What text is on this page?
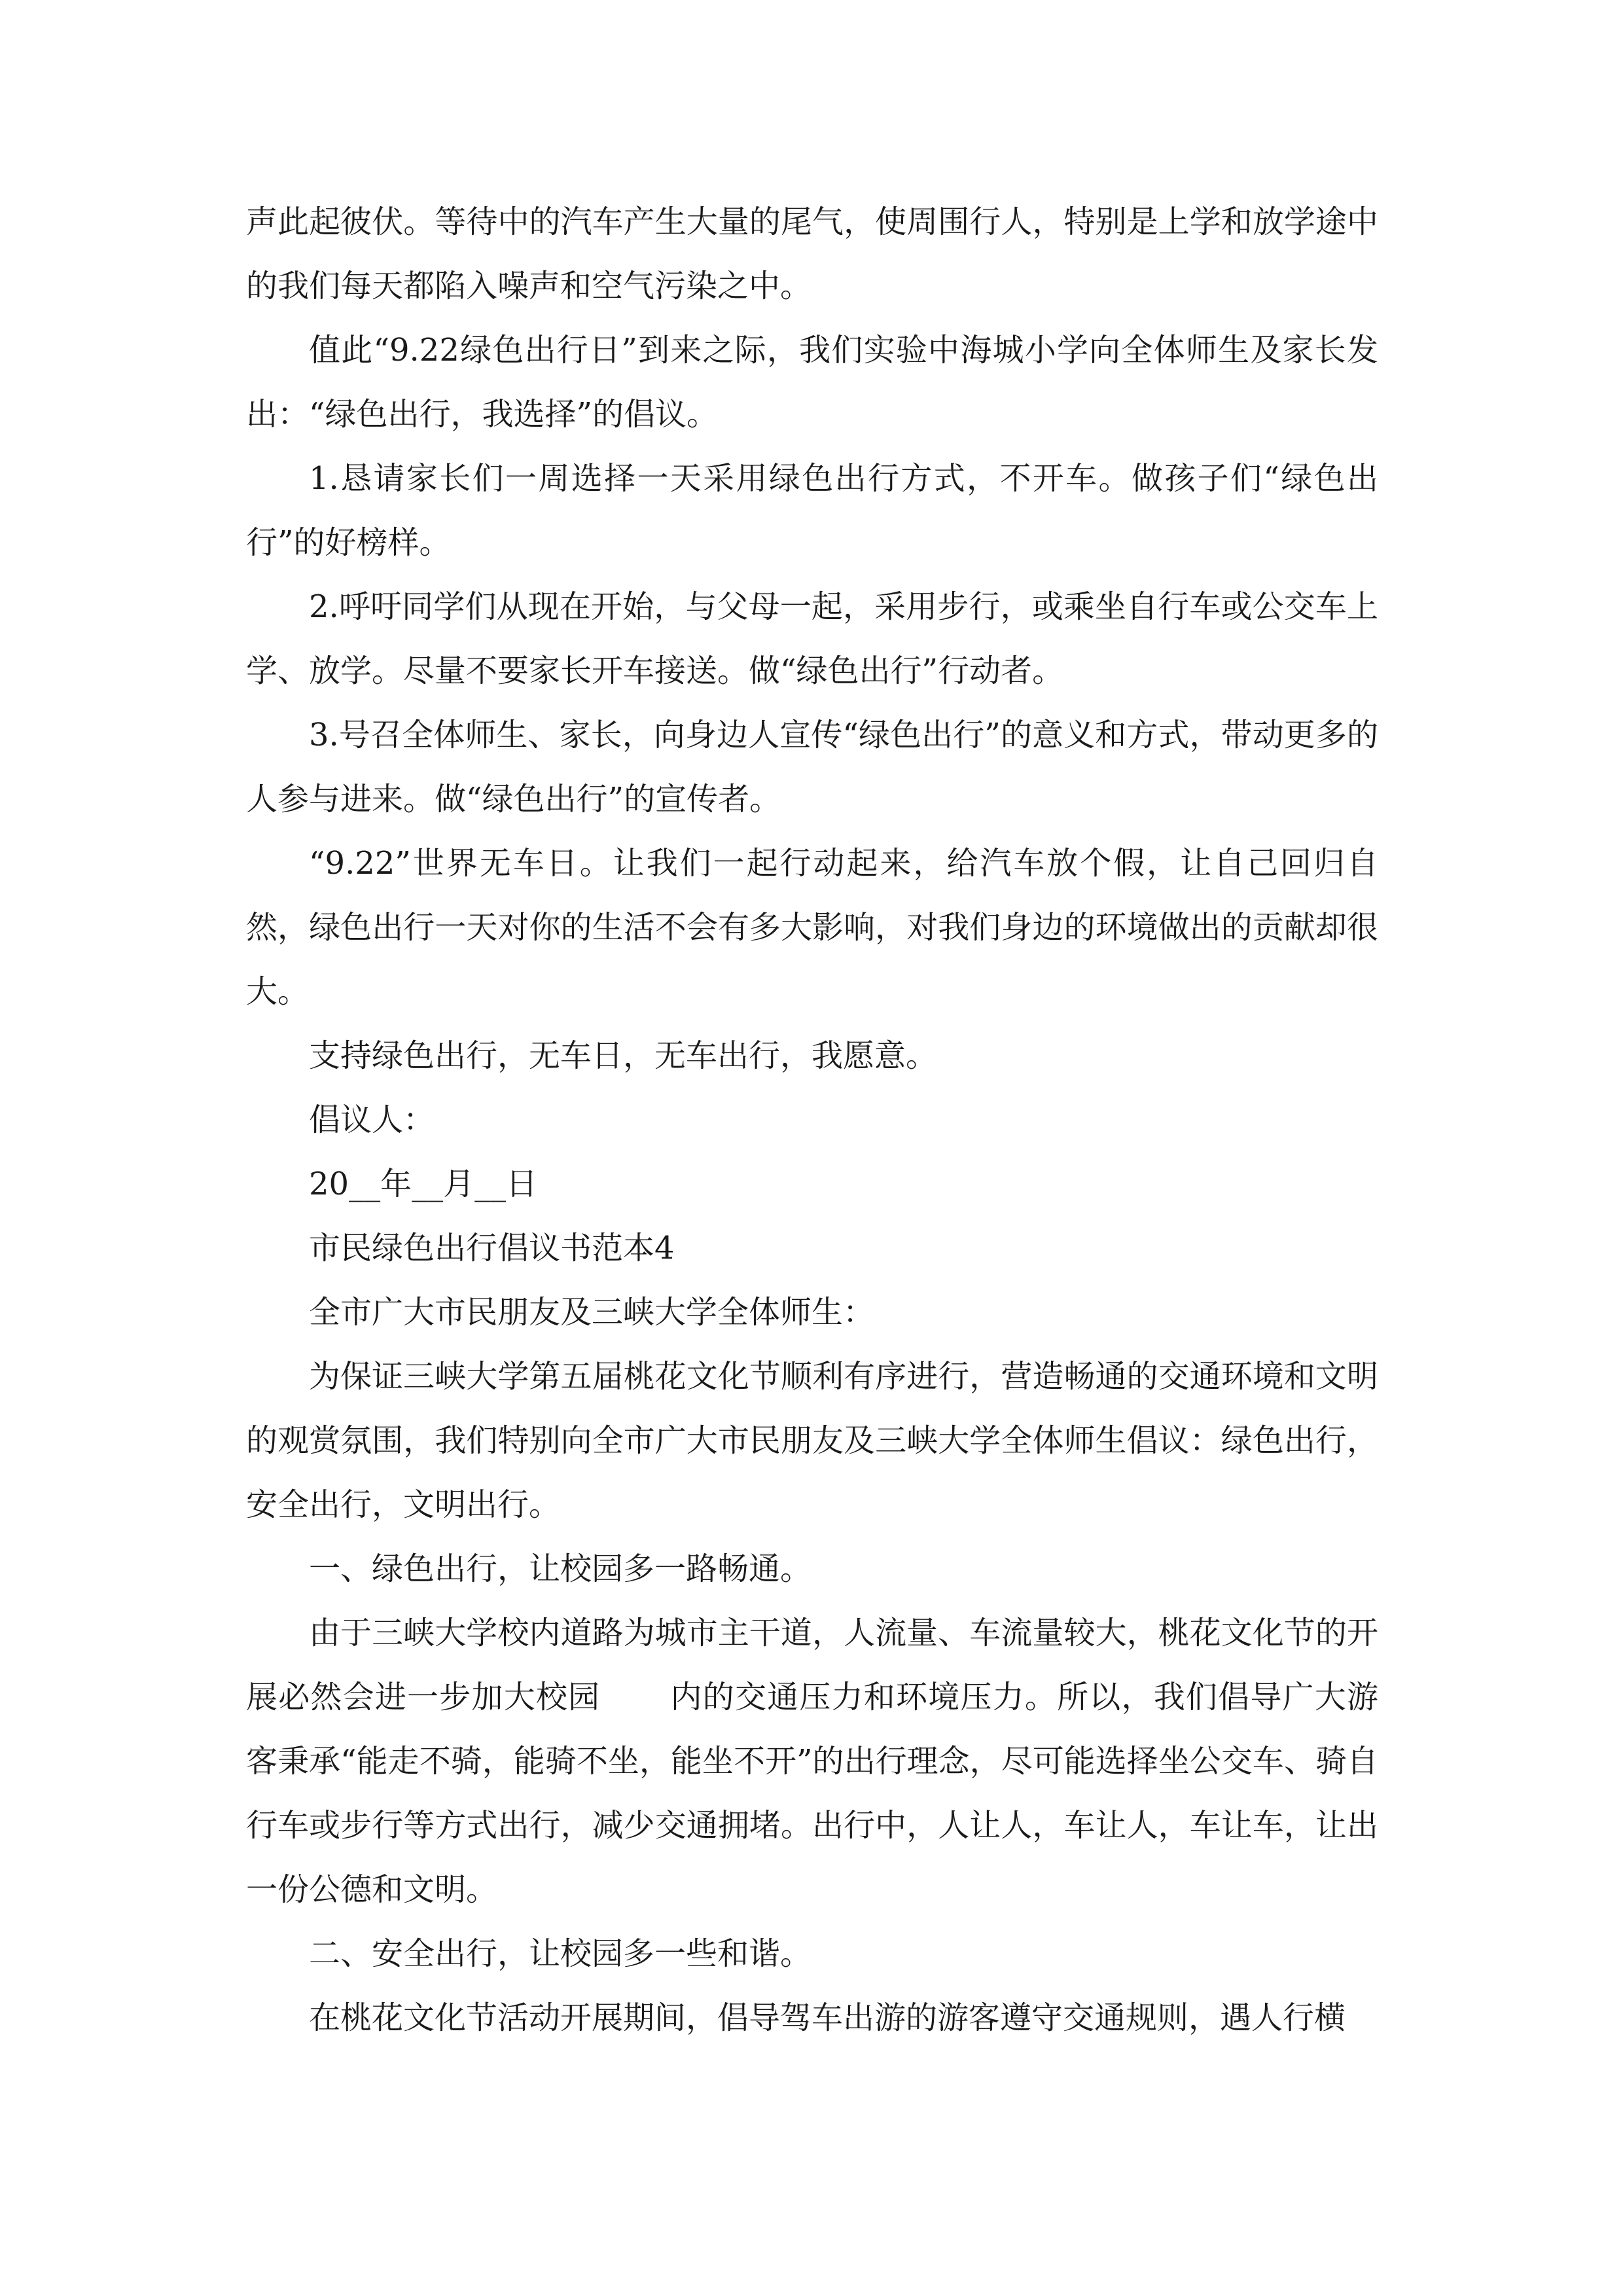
声此起彼伏。等待中的汽车产生大量的尾气，使周围行人，特别是上学和放学途中的我们每天都陷入噪声和空气污染之中。

值此“9.22绿色出行日”到来之际，我们实验中海城小学向全体师生及家长发出：“绿色出行，我选择”的倡议。

1.恳请家长们一周选择一天采用绿色出行方式，不开车。做孩子们“绿色出行”的好榜样。

2.呼吁同学们从现在开始，与父母一起，采用步行，或乘坐自行车或公交车上学、放学。尽量不要家长开车接送。做“绿色出行”行动者。

3.号召全体师生、家长，向身边人宣传“绿色出行”的意义和方式，带动更多的人参与进来。做“绿色出行”的宣传者。

“9.22”世界无车日。让我们一起行动起来，给汽车放个假，让自己回归自然，绿色出行一天对你的生活不会有多大影响，对我们身边的环境做出的贡献却很大。

支持绿色出行，无车日，无车出行，我愿意。

倡议人：

20__年__月__日

市民绿色出行倡议书范本4

全市广大市民朋友及三峡大学全体师生：

为保证三峡大学第五届桃花文化节顺利有序进行，营造畅通的交通环境和文明的观赏氛围，我们特别向全市广大市民朋友及三峡大学全体师生倡议：绿色出行，安全出行，文明出行。

一、绿色出行，让校园多一路畅通。

由于三峡大学校内道路为城市主干道，人流量、车流量较大，桃花文化节的开展必然会进一步加大校园 内的交通压力和环境压力。所以，我们倡导广大游客秉承“能走不骑，能骑不坐，能坐不开”的出行理念，尽可能选择坐公交车、骑自行车或步行等方式出行，减少交通拥堵。出行中，人让人，车让人，车让车，让出一份公德和文明。

二、安全出行，让校园多一些和谐。

在桃花文化节活动开展期间，倡导驾车出游的游客遵守交通规则，遇人行横
